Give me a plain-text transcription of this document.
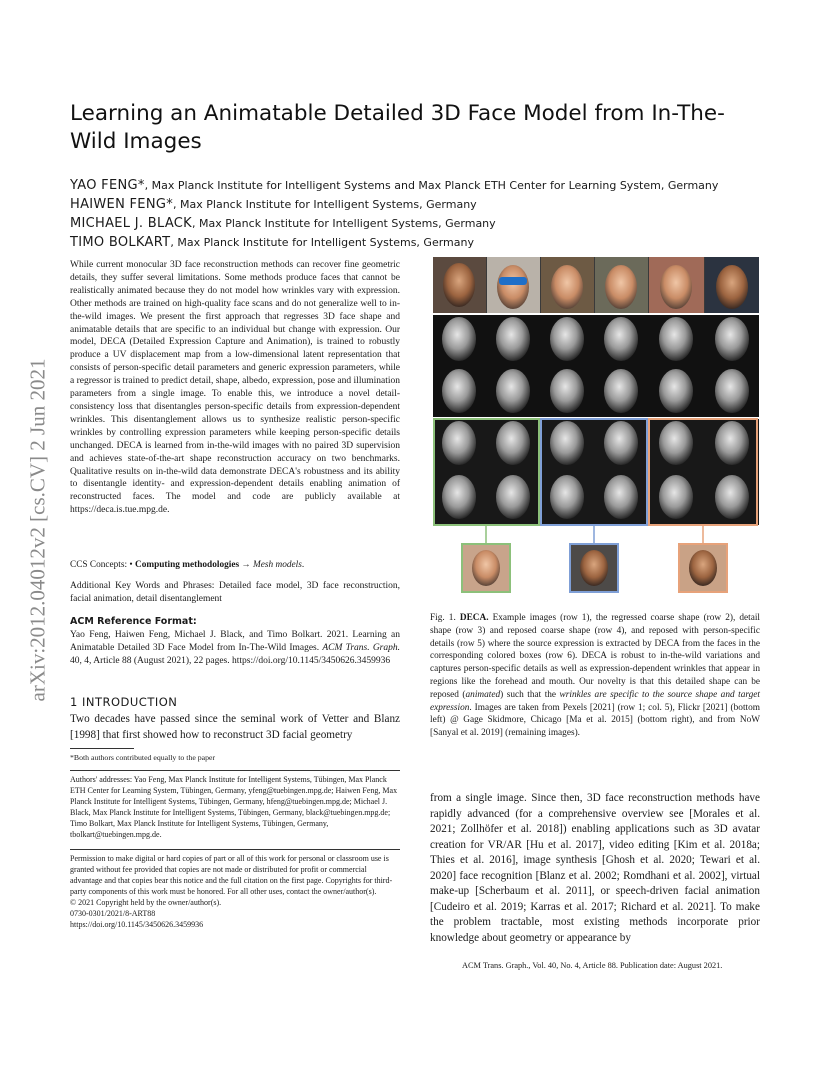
Learning an Animatable Detailed 3D Face Model from In-The-Wild Images
YAO FENG*, Max Planck Institute for Intelligent Systems and Max Planck ETH Center for Learning System, Germany
HAIWEN FENG*, Max Planck Institute for Intelligent Systems, Germany
MICHAEL J. BLACK, Max Planck Institute for Intelligent Systems, Germany
TIMO BOLKART, Max Planck Institute for Intelligent Systems, Germany
arXiv:2012.04012v2 [cs.CV] 2 Jun 2021
While current monocular 3D face reconstruction methods can recover fine geometric details, they suffer several limitations. Some methods produce faces that cannot be realistically animated because they do not model how wrinkles vary with expression. Other methods are trained on high-quality face scans and do not generalize well to in-the-wild images. We present the first approach that regresses 3D face shape and animatable details that are specific to an individual but change with expression. Our model, DECA (Detailed Expression Capture and Animation), is trained to robustly produce a UV displacement map from a low-dimensional latent representation that consists of person-specific detail parameters and generic expression parameters, while a regressor is trained to predict detail, shape, albedo, expression, pose and illumination parameters from a single image. To enable this, we introduce a novel detail-consistency loss that disentangles person-specific details from expression-dependent wrinkles. This disentanglement allows us to synthesize realistic person-specific wrinkles by controlling expression parameters while keeping person-specific details unchanged. DECA is learned from in-the-wild images with no paired 3D supervision and achieves state-of-the-art shape reconstruction accuracy on two benchmarks. Qualitative results on in-the-wild data demonstrate DECA's robustness and its ability to disentangle identity- and expression-dependent details enabling animation of reconstructed faces. The model and code are publicly available at https://deca.is.tue.mpg.de.
CCS Concepts: • Computing methodologies → Mesh models.
Additional Key Words and Phrases: Detailed face model, 3D face reconstruction, facial animation, detail disentanglement
ACM Reference Format:
Yao Feng, Haiwen Feng, Michael J. Black, and Timo Bolkart. 2021. Learning an Animatable Detailed 3D Face Model from In-The-Wild Images. ACM Trans. Graph. 40, 4, Article 88 (August 2021), 22 pages. https://doi.org/10.1145/3450626.3459936
1 INTRODUCTION
Two decades have passed since the seminal work of Vetter and Blanz [1998] that first showed how to reconstruct 3D facial geometry
*Both authors contributed equally to the paper
Authors' addresses: Yao Feng, Max Planck Institute for Intelligent Systems, Tübingen, Max Planck ETH Center for Learning System, Tübingen, Germany, yfeng@tuebingen.mpg.de; Haiwen Feng, Max Planck Institute for Intelligent Systems, Tübingen, Germany, hfeng@tuebingen.mpg.de; Michael J. Black, Max Planck Institute for Intelligent Systems, Tübingen, Germany, black@tuebingen.mpg.de; Timo Bolkart, Max Planck Institute for Intelligent Systems, Tübingen, Germany, tbolkart@tuebingen.mpg.de.
Permission to make digital or hard copies of part or all of this work for personal or classroom use is granted without fee provided that copies are not made or distributed for profit or commercial advantage and that copies bear this notice and the full citation on the first page. Copyrights for third-party components of this work must be honored. For all other uses, contact the owner/author(s).
© 2021 Copyright held by the owner/author(s).
0730-0301/2021/8-ART88
https://doi.org/10.1145/3450626.3459936
Fig. 1. DECA. Example images (row 1), the regressed coarse shape (row 2), detail shape (row 3) and reposed coarse shape (row 4), and reposed with person-specific details (row 5) where the source expression is extracted by DECA from the faces in the corresponding colored boxes (row 6). DECA is robust to in-the-wild variations and captures person-specific details as well as expression-dependent wrinkles that appear in regions like the forehead and mouth. Our novelty is that this detailed shape can be reposed (animated) such that the wrinkles are specific to the source shape and target expression. Images are taken from Pexels [2021] (row 1; col. 5), Flickr [2021] (bottom left) @ Gage Skidmore, Chicago [Ma et al. 2015] (bottom right), and from NoW [Sanyal et al. 2019] (remaining images).
from a single image. Since then, 3D face reconstruction methods have rapidly advanced (for a comprehensive overview see [Morales et al. 2021; Zollhöfer et al. 2018]) enabling applications such as 3D avatar creation for VR/AR [Hu et al. 2017], video editing [Kim et al. 2018a; Thies et al. 2016], image synthesis [Ghosh et al. 2020; Tewari et al. 2020] face recognition [Blanz et al. 2002; Romdhani et al. 2002], virtual make-up [Scherbaum et al. 2011], or speech-driven facial animation [Cudeiro et al. 2019; Karras et al. 2017; Richard et al. 2021]. To make the problem tractable, most existing methods incorporate prior knowledge about geometry or appearance by
ACM Trans. Graph., Vol. 40, No. 4, Article 88. Publication date: August 2021.
